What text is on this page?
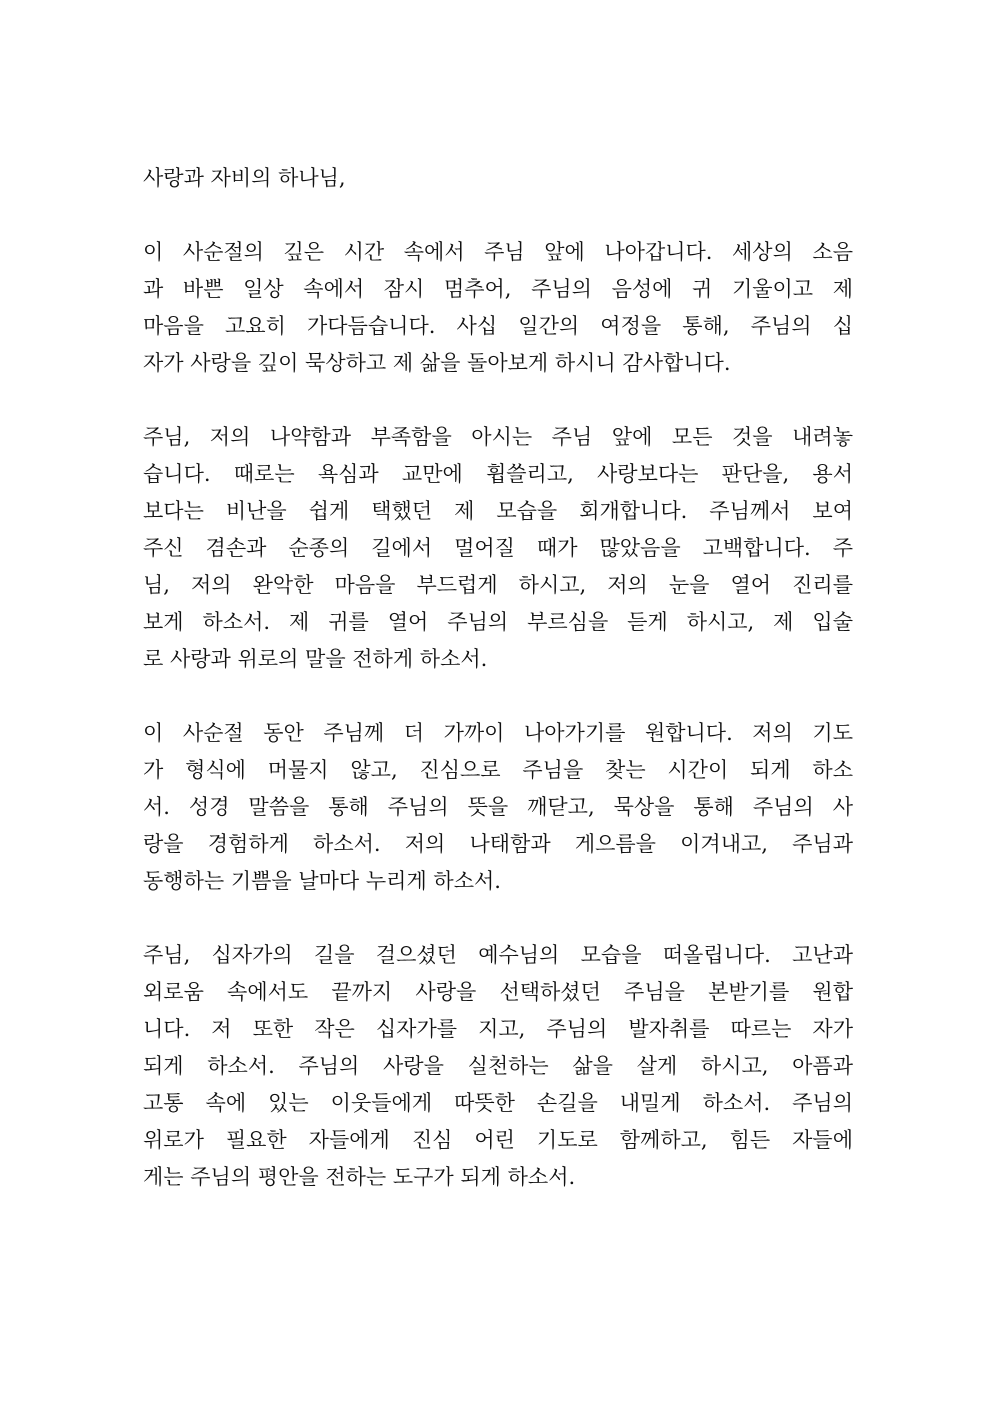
사랑과 자비의 하나님,

이 사순절의 깊은 시간 속에서 주님 앞에 나아갑니다. 세상의 소음

과 바쁜 일상 속에서 잠시 멈추어, 주님의 음성에 귀 기울이고 제

마음을 고요히 가다듬습니다. 사십 일간의 여정을 통해, 주님의 십

자가 사랑을 깊이 묵상하고 제 삶을 돌아보게 하시니 감사합니다.

주님, 저의 나약함과 부족함을 아시는 주님 앞에 모든 것을 내려놓

습니다. 때로는 욕심과 교만에 휩쓸리고, 사랑보다는 판단을, 용서

보다는 비난을 쉽게 택했던 제 모습을 회개합니다. 주님께서 보여

주신 겸손과 순종의 길에서 멀어질 때가 많았음을 고백합니다. 주

님, 저의 완악한 마음을 부드럽게 하시고, 저의 눈을 열어 진리를

보게 하소서. 제 귀를 열어 주님의 부르심을 듣게 하시고, 제 입술

로 사랑과 위로의 말을 전하게 하소서.

이 사순절 동안 주님께 더 가까이 나아가기를 원합니다. 저의 기도

가 형식에 머물지 않고, 진심으로 주님을 찾는 시간이 되게 하소

서. 성경 말씀을 통해 주님의 뜻을 깨닫고, 묵상을 통해 주님의 사

랑을 경험하게 하소서. 저의 나태함과 게으름을 이겨내고, 주님과

동행하는 기쁨을 날마다 누리게 하소서.

주님, 십자가의 길을 걸으셨던 예수님의 모습을 떠올립니다. 고난과

외로움 속에서도 끝까지 사랑을 선택하셨던 주님을 본받기를 원합

니다. 저 또한 작은 십자가를 지고, 주님의 발자취를 따르는 자가

되게 하소서. 주님의 사랑을 실천하는 삶을 살게 하시고, 아픔과

고통 속에 있는 이웃들에게 따뜻한 손길을 내밀게 하소서. 주님의

위로가 필요한 자들에게 진심 어린 기도로 함께하고, 힘든 자들에

게는 주님의 평안을 전하는 도구가 되게 하소서.
